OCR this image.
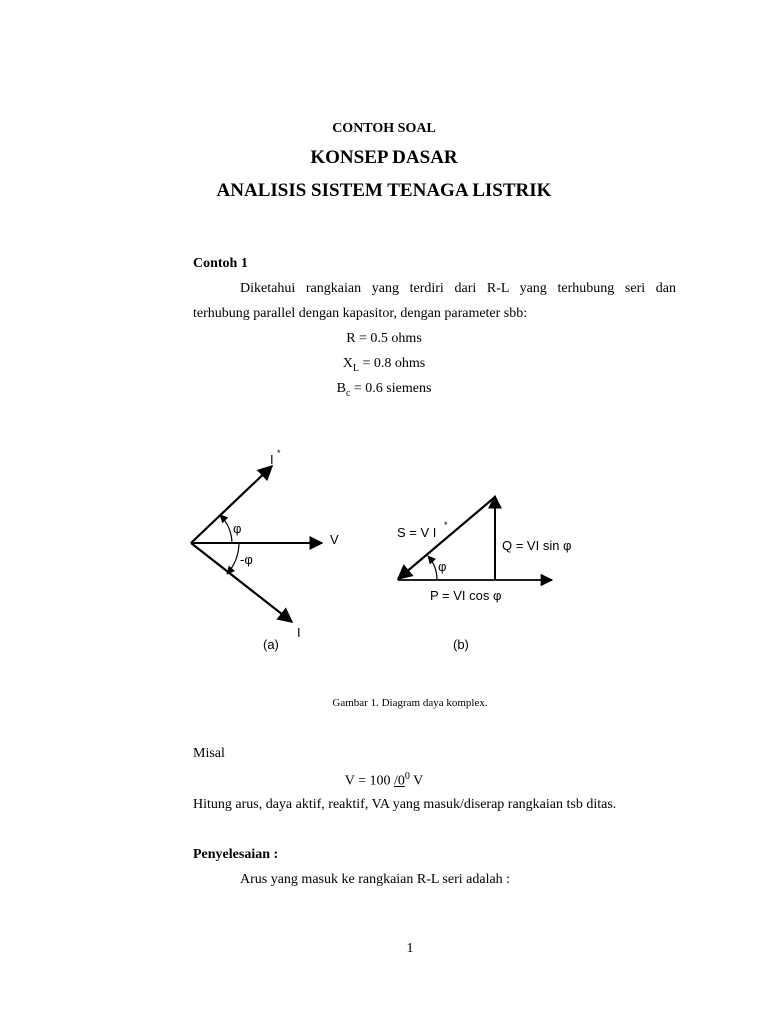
CONTOH SOAL
KONSEP DASAR
ANALISIS SISTEM TENAGA LISTRIK
Contoh 1
Diketahui rangkaian yang terdiri dari R-L yang terhubung seri dan
terhubung parallel dengan kapasitor, dengan parameter sbb:
R = 0.5 ohms
$X_L = 0.8$ ohms
$B_c = 0.6$ siemens
I *
φ
V
-φ
I
(a)
S = V I *
Q = VI sin φ
φ
P = VI cos φ
(b)
Gambar 1. Diagram daya komplex.
Misal
V = 100 $/0^0$ V
Hitung arus, daya aktif, reaktif, VA yang masuk/diserap rangkaian tsb ditas.
Penyelesaian :
Arus yang masuk ke rangkaian R-L seri adalah :
1
